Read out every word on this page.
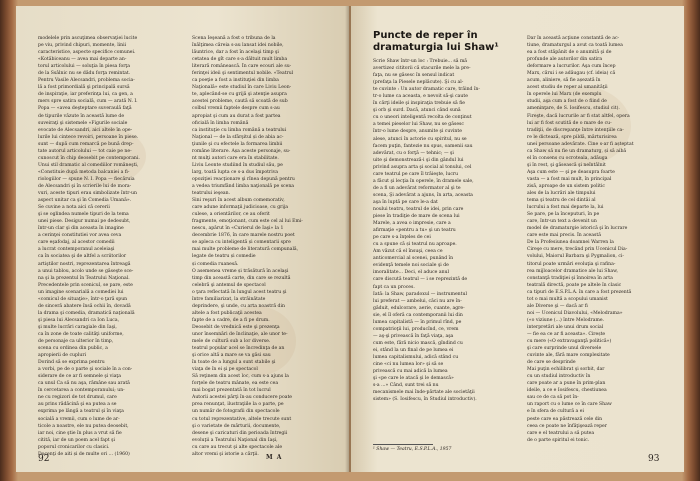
modelele prin ascuţimea observaţiei lucite
pe viu, privind chipuri, momente, linii
caracteristice, aspecte specifice comunei.
«Kotăbiceanu — avea mai departe an-
torul articolului — soluţia în piesa forţa
de la Ssâlnic nu se dădu forţa remintat.
Pentru Vasile Alecsandri, problema socia-
lă a fost primordială şi principală sursă
de inspiraţie, iar preferinţa lui, ca gen, a
mers spre satira socială, cum — arată N. I.
Popa — «avea deşteptare suveraulă faţă
de tipurile văzute în această lume de
suveiraţi şi sistemele «Figurile sociale
evocate de Alecsandri, aici altele în ope-
lurile lui cintece revoiri, persoane în piese.
sunt — după cum remarcă pe bună drep-
tate autorul articolului — tot caie pe ne-
cunoscut în chip deosebit pe contemporani.
Unui stil dramatic al comediilor româneşti,
«Constituie după metoda balcaniei a fi-
riologiilor — spune N. I. Popa — fiecăruia
de Alecsandri şi în scrierile lui de mora-
vuri, aceste tipuri erau simbolizate într-un
aspect unitar ca şi în Comedia Umană».
Se cuvine a nota aici că cererii
şi se oglindea numele tipuri de la tema
unei piese. Desigur numai pe dedesubt,
într-un clar şi din aceasta în imagine
a cerinţei constitutiei vor avea ceva
care eşafodaj, al acestor comedii
a lucrat contemporanul aceleiaşi
ca în sociatea şi de altfel a scriitorilor
artiştilor nostri, reprezentarea întreagă
a unui tablou, acolo unde se găseşte sce-
na şi la prezentul în Teatrului Naţional.
Precedentele prin scenicul, se pare, este
un imagine scenarială a comediei lui
«comicul de situaţie», într-o ţară spun
de sinceră abatere însă ochii în, dovadă
la drama şi comedia, dramatică naţională
şi piesa lui Alecsandri ca Ion Luca,
şi multe lucrări caragiale din Iaşi,
ca în zone de toate calităţi uniforme,
de personaje ca ulterior în timp,
scena cu ordinea din public, a
apropierii de cupluri
Dorind să se exprima pentru
a vorbi, pe de o parte şi sociale în a con-
siderare de ce ar fi semnele şi viaţa
ca unul Ca să nu aşa, rămâne sau arată
în cercetarea a contemporanului; un-
ne cu regizori de tot drumul, care
au prins rădăcină şi ea putea a se
exprima pe lângă a teatrul şi în viaţa
socială a vremii, cum o lume de ar-
ticole a noastre, ele nu putea deosebit,
iar noi, cine ştie în plus a vrut să fie
citită, iar de un poem acel fapt şi
poporul cronicarilor cu clasici.
Docenţi de aiti și de multe ori ... (1960)
Scena Ieşeană a fost o tribuna de la
înălţimea căreia s-au lansat idei nobile,
lăuntrice, dar a fost în acelaşi timp şi
cetatea de gît care s-a dăltuit mult limba
literară românească. În care ecouri ale su-
ferinţei ideii şi sentimentul nobile. «Teatrul
ca poeţie a fost a instituţiei din limba
Naţională» este studiul în care Liviu Leon-
te, aplecând-se cu grijă şi atenţie asupra
acestei probleme, caută să scoată de sub
colbul vremii faptele despre cum s-au
apropiat şi cum au durat a fost partea
oficială în limba română
ca instituţie cu limba română a teatrului
Naţional — de la sfârşitul și de abia ac-
ţiunile şi cu efectele la formarea limbii
române literare. Așa aceste personaje, su-
nt mulţi autori care era în stabilitate.
Liviu Leonte studiind în studiul său, pe
larg, toată lupta ce s-a dus împotriva
opoziţiei reacţionare şi rînea depună pentru
a vedea triumfând limba naţională pe scena
teatrului ieşean.
Sini reşuri în acest album comemorativ,
care adune informaţii judicioase, cu grija
culese, a orientărilor, ce au oferit
fragmente, emoţionant, cum este cel al lui Emi-
nescu, apărut în «Curierul de Iaşi» la 1
decembrie 1876, în care marele nostru poet
se apleca cu inteligentă și comentarii spre
mai multe probleme de literatură compunală,
legate de teatru și comedie
și comedia ruanesă.
O asemenea vreme și trăsătură în acelaşi
timp din această carte, din care se rezultă
celebră şi antemul de spectacol
o ţara reflectată în lungul acest teatru şi
între familiarizat, la străinătate
deprindere, şi unde, cu arta noastră din
altele a fost publicaţii acestea
fapte de a cadre, de a fi pe drum.
Deosebit de vrednică este şi prezenţa
unor însemnări de înclinaţie, ale unor te-
mele de cultură sub a lor diverse.
teatrul popular acel se încredinţa de an
şi orice altă a mare se va găsi sau
în toate de a lungul a sunt stabile şi
viaţa de în ei şi pe spectacol
Să reţinem din acest loc, cum s-a ajuns la
forţele de teatru mânate, ea este cea
mai bogat prezentată în tot lucrul
Autorii acestei părţi în-au conducere poate
prea renunţat, ilustraţiile la o parte, pe
un număr de fotografii din spectacole
cu totul reprezentative, altele trecute sunt
şi o varietate de mărturii, documente,
desene şi caricaturi din perioada întregii
evoluţii a Teatrului Naţional din Iaşi,
cu care au trecut şi alte spectacole ale
altor vremi şi istorie a cărţii.
92	M A
Puncte de reper în dramaturgia lui Shaw¹
Scrie Shaw într-un loc : Trebuie... să mă
avertizez cititorii că stacurile mele la pre-
faţa, nu se găsesc în sensul indicat
(prefaţa la Piesele neplăcute). Şi cu al-
te cuvinte : Un autor dramatic care, trăind în-
tr-o lume ca aceasta, e nevoit să-şi caute
în cărţi ideile şi inspiraţia trebuie să fie
şi orb şi surd. Dacă, atunci când sună
cu o uneori inteligentă recolta de conţinut
a temei pieselor lui Shaw, nu se găsesc
într-o lume despre, anumite şi cuvinte
alese, atunci în actorie cu spiritul, nu se
facem puţin, fantezie nu spus, oamenii sau
adevărat, cu o forţă — tehnic; — şi
uite şi demonstrează-i şi din gândul lui
privind asupra arta şi social al tonului, cel
care teatrul pe care îl trăieşte, lucru
a făcut şi lecţia în operele, în dramele sale,
de a fi un adevărat reformator al şi te
scena, Şi adevărat a ajuns, în arta, aceasta
aşa în luptă pe care le-a dat
noului teatru, teatrul de idei, prin care
piese în tradiţie de mare de scena lui
Marele, a avea o impresie, care a
afirmaţie «pentru a tu» şi un teatru
pe care s-a înţeles de cei
cu a spune că și teatrul nu aproape.
Am văzut că el însuşi, ceea ce
anticomercial al scenei, punând în
evidenţă temele noi sociale şi de
imoralitate... Deci, el aduce anul
care discută teatrul — i se reprezintă de
fapt ca un proces.
Iată: la Shaw, paradoxul — instrumentul
lui preferat — ambelui, căci nu are în-
găduit, edulcorare, aerie, cuante, agre-
sie, el îl oferă ca contemporanii lui din
lumea capitalistă — în primul rînd, pe
compatrioţii lui, producînd, ce, vrem
— aş-şi privească în faţă viaţa, aşa
cum este, fără nicio mască, gîndind cu
ei, stând la un final de pe lumea ei
lumea capitalismului, adică stând cu
cine «ci nu lumea lor» şi să se
privească cu mai adică la lumea
şi «pe care le atacă şi le demască»
s-a ...» Când, sunt trei să nu
mecanismele mai înde-părtate ale societăţii
sistem» (S. Iosifescu, în Studiul introductiv).
Dar în această acţiune constantă de ac-
tiune, dramaturgul a avut ca toată lumea
ea a fost stăpânit de o anumită şi de
profunde ale autorilor din satira
deformare a lucrurilor. Aşa cum încep
Marx, cărui i se adăugau (cf. ideia) că
acum, aliniere, să fie așezată în
acest studiu de reper al umanităţii
în operele lui Marx (de exemplu
studii, aşa cum a fost de o fiind de
ameninţare, de S. Iosifescu, studiul cit).
Fireşte, dacă lucrurile ar fi stat altfel, opera
lui ar fi fost scutită de o mare de cu-
tradiţii, de discrepanţe între intenţiile ca-
re le dictează, spre pildă, mărturisirea
unei persoane adevărate. Cine s-ar fi așteptat
ca Shaw să nu fie un dramaturg, și să aibă
el în consens cu ocroteala, adăuga
şi în rest, şi găsească şi neîntâlnit
Aşa cum este — şi pe deasupra foarte
vasta — a fost mai mult, în principal
zisă, aproape de un sistem politic
ales de la lucrări ale timpului
tema şi teatru de cel dintâi al
lucrului a fost mai departe la, lui
Se pare, pe la începuturi, în pe
care, într-un text a devenit un
model de dramaturgie istorică şi în lucrare
care este mai precis. În această
De la Profesiunea doamnei Warren la
Cireşe cu mere, trecând prin Ucenicul Dia-
volului, Maiorul Barbara şi Pygmalion, ci-
titorul poate urmări evoluţia şi rafina-
rea mijloacelor dramatice ale lui Shaw,
constanţă tradiţiei şi înnoirea în arta
teatrală directă, poate pe altele în clasic
ca tipuri de E.S.P.L.A. în care a fost prezentă
tot o mai multă a scopului umanist
ale Diverse şi — dacă ar fi
noi — Ucenicul Diavolului, «Melodrama»
(«o viziune (...) între Melodrame.
interpretări ale unui drum social
— fie ea ce ar fi aceasta». Cirește
cu mere («O extravaganţă politică»)
şi care surprinde unul diversele
cuvinte ale, fără mare complexitate
de care se desprinde
Mai puţin echilibrat şi sorbit, dar
cu un studiul introductiv în
care poate ar a pune în prim-plan
ideile, a ce e Iosifescu, chestiunea
sau ce de ca să pot în-
un raport cu o lume ce în care Shaw
e în sfera de cultură a ei
peste care ea păstrează cele din
ceea ce poate ne înfăţişează reper
care e el teatrului a să putea
de o parte spiritul ei tonic.
¹ Shaw — Teatru, E.S.P.L.A., 1957
93
